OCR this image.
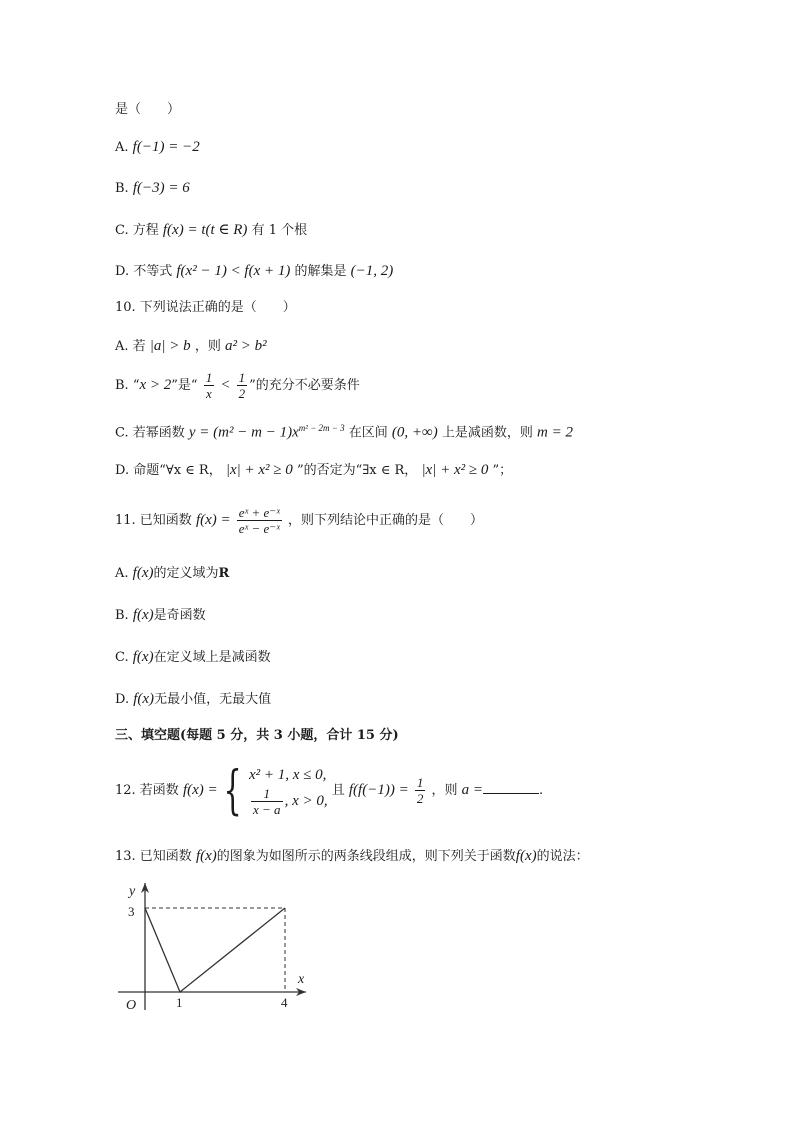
是（　　）
A. f(−1) = −2
B. f(−3) = 6
C. 方程 f(x) = t(t ∈ R) 有 1 个根
D. 不等式 f(x² − 1) < f(x + 1) 的解集是 (−1, 2)
10. 下列说法正确的是（　　）
A. 若 |a| > b ，则 a² > b²
B. “x > 2”是“ $\frac{1}{x} < \frac{1}{2}$ ”的充分不必要条件
C. 若幂函数 $y = (m^2 - m - 1)x^{m^2 - 2m - 3}$ 在区间 (0, +∞) 上是减函数，则 m = 2
D. 命题“∀x ∈ R， |x| + x² ≥ 0 ”的否定为“∃x ∈ R， |x| + x² ≥ 0 ”；
11. 已知函数 $f(x) = \frac{\text{eˣ + e⁻ˣ}}{\text{eˣ − e⁻ˣ}}$ ，则下列结论中正确的是（　　）
A. f(x)的定义域为R
B. f(x)是奇函数
C. f(x)在定义域上是减函数
D. f(x)无最小值，无最大值
三、填空题(每题 5 分，共 3 小题，合计 15 分)
12. 若函数 f(x) = { x² + 1, x ≤ 0,
$\frac{1}{x - a}$ , x > 0,
且 $f(f(-1)) = \frac{1}{2}$ ，则 a =	.
13. 已知函数 f(x)的图象为如图所示的两条线段组成，则下列关于函数f(x)的说法：
x
y
O	1	4
3
